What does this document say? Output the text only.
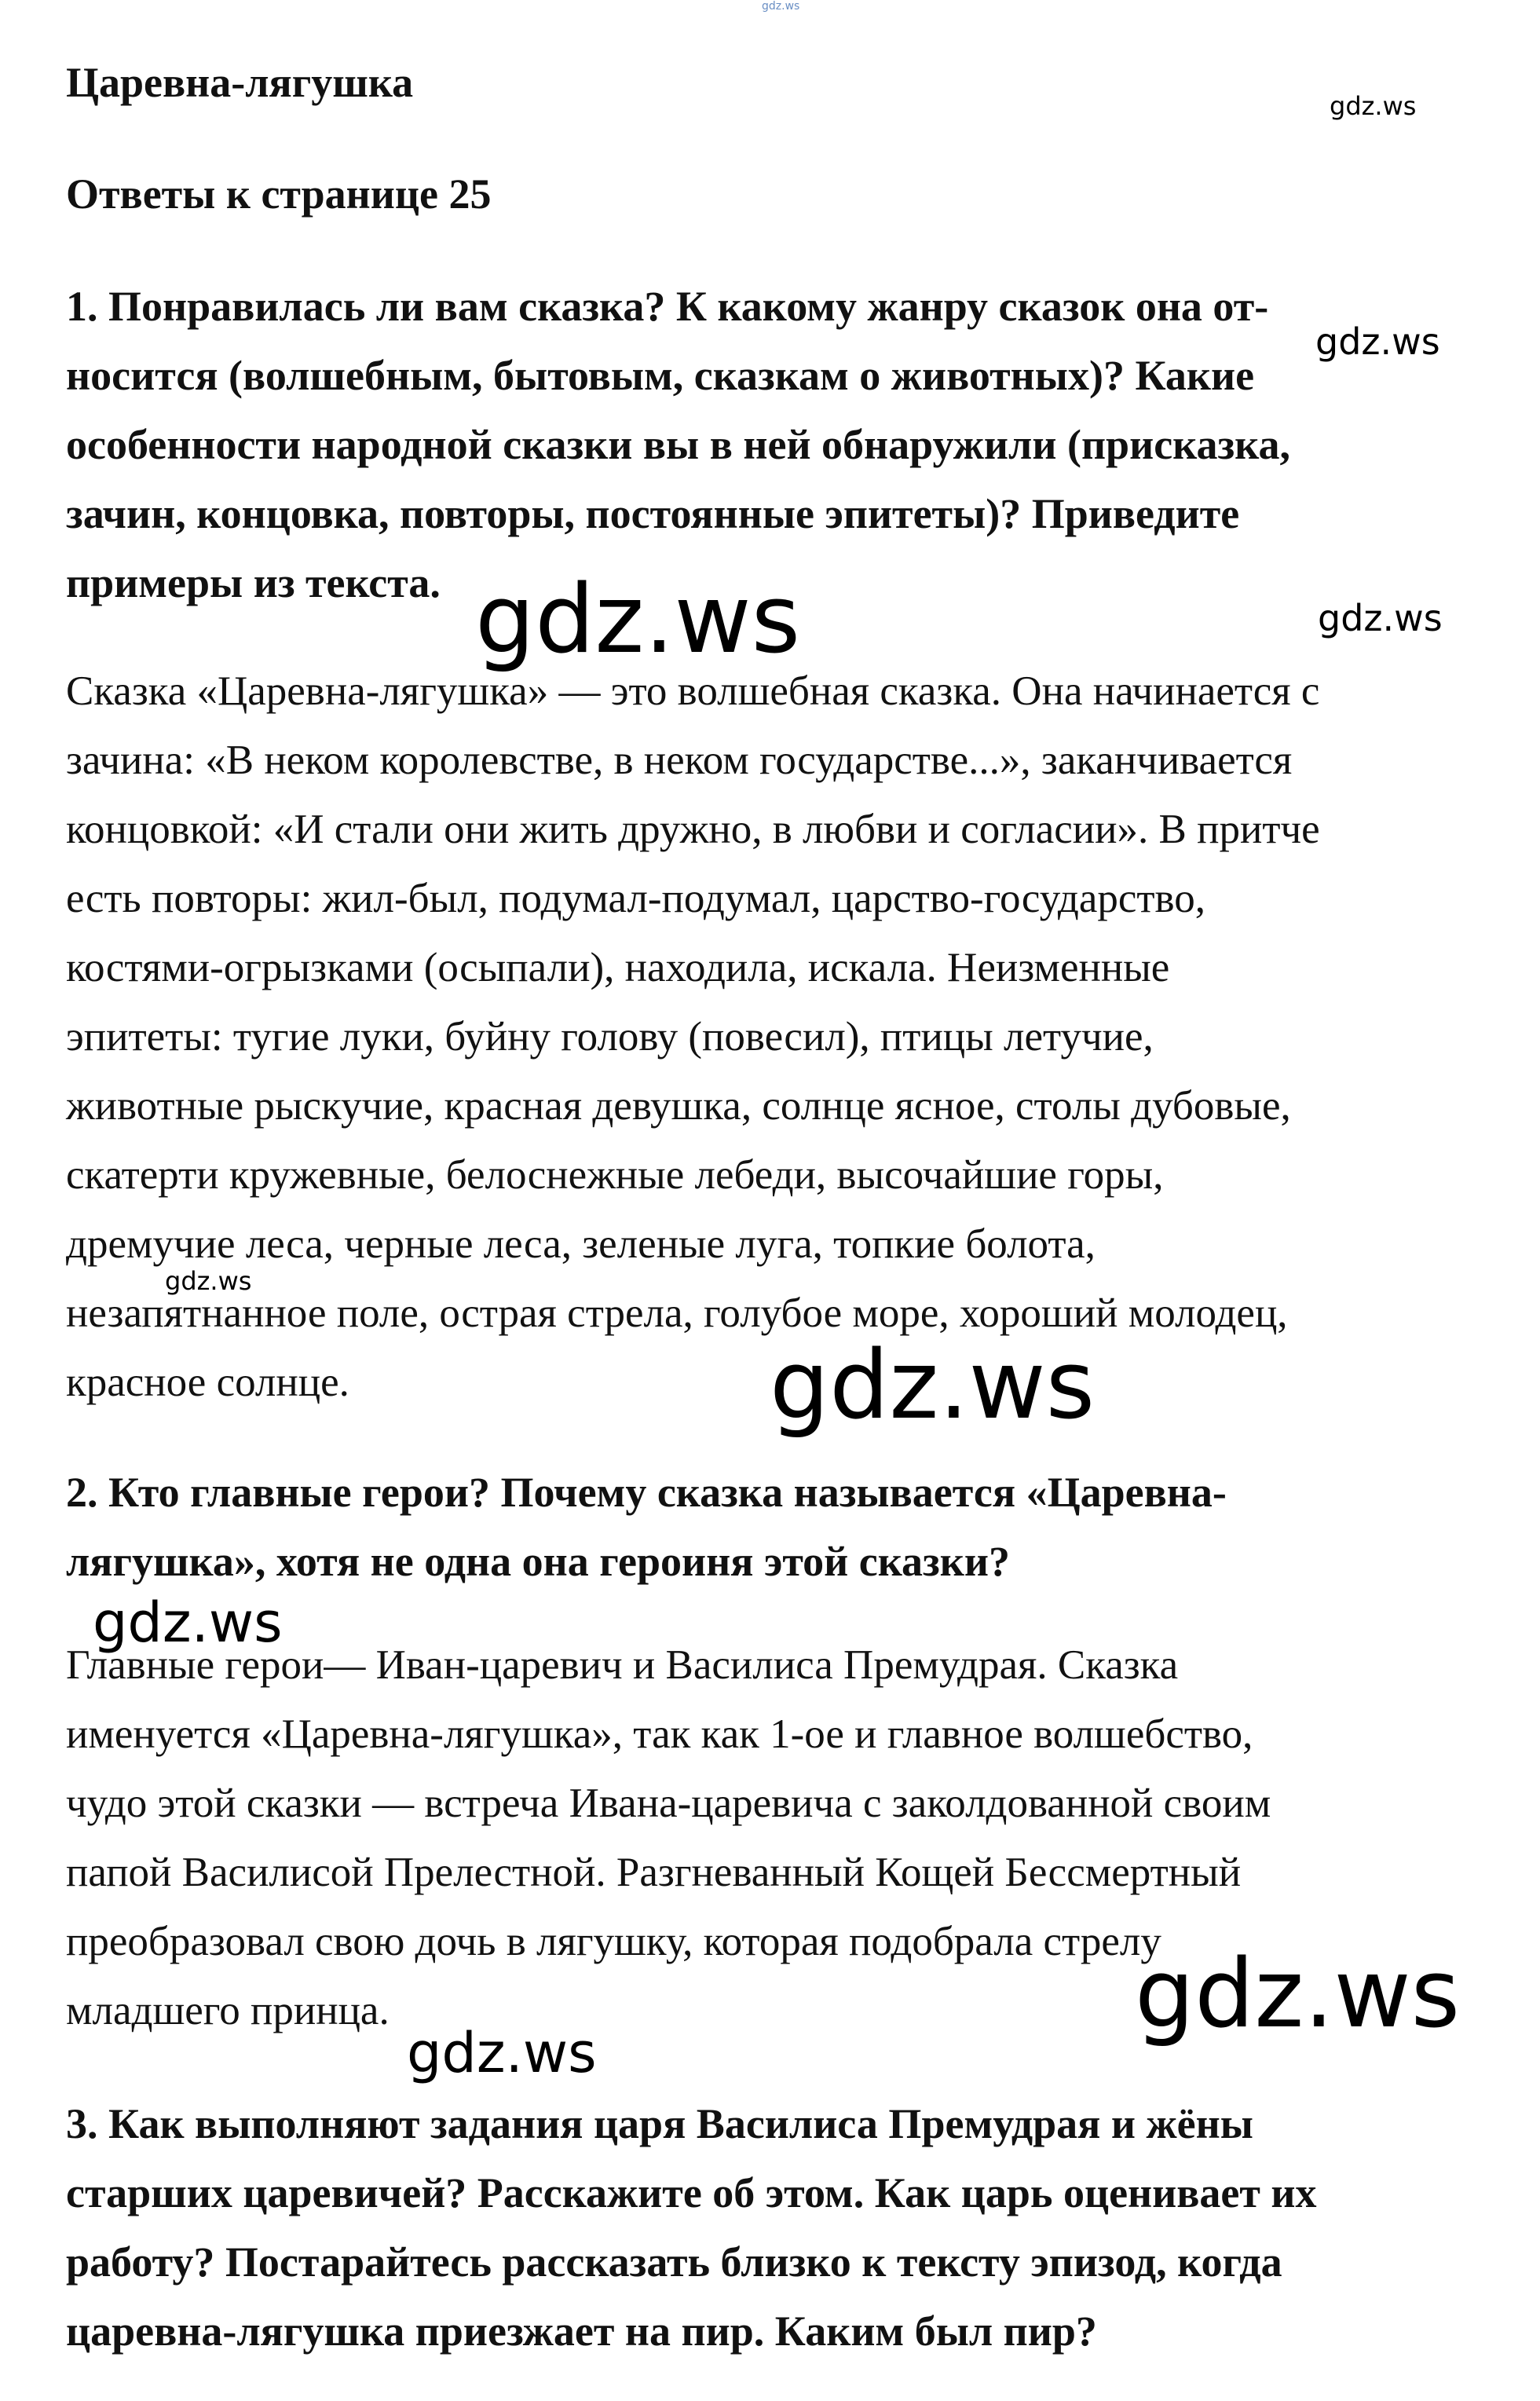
gdz.ws
Царевна-лягушка	gdz.ws
Ответы к странице 25
1. Понравилась ли вам сказка? К какому жанру сказок она от-
носится (волшебным, бытовым, сказкам о животных)? Какие
особенности народной сказки вы в ней обнаружили (присказка,
зачин, концовка, повторы, постоянные эпитеты)? Приведите
примеры из текста.
gdz.ws
gdz.ws
gdz.ws
Сказка «Царевна-лягушка» — это волшебная сказка. Она начинается с
зачина: «В неком королевстве, в неком государстве...», заканчивается
концовкой: «И стали они жить дружно, в любви и согласии». В притче
есть повторы: жил-был, подумал-подумал, царство-государство,
костями-огрызками (осыпали), находила, искала. Неизменные
эпитеты: тугие луки, буйну голову (повесил), птицы летучие,
животные рыскучие, красная девушка, солнце ясное, столы дубовые,
скатерти кружевные, белоснежные лебеди, высочайшие горы,
дремучие леса, черные леса, зеленые луга, топкие болота,
незапятнанное поле, острая стрела, голубое море, хороший молодец,
красное солнце.
gdz.ws
gdz.ws
2. Кто главные герои? Почему сказка называется «Царевна-
лягушка», хотя не одна она героиня этой сказки?
Главные герои— Иван-царевич и Василиса Премудрая. Сказка
именуется «Царевна-лягушка», так как 1-ое и главное волшебство,
чудо этой сказки — встреча Ивана-царевича с заколдованной своим
папой Василисой Прелестной. Разгневанный Кощей Бессмертный
преобразовал свою дочь в лягушку, которая подобрала стрелу
младшего принца.
gdz.ws
gdz.ws
gdz.ws
3. Как выполняют задания царя Василиса Премудрая и жёны
старших царевичей? Расскажите об этом. Как царь оценивает их
работу? Постарайтесь рассказать близко к тексту эпизод, когда
царевна-лягушка приезжает на пир. Каким был пир?
